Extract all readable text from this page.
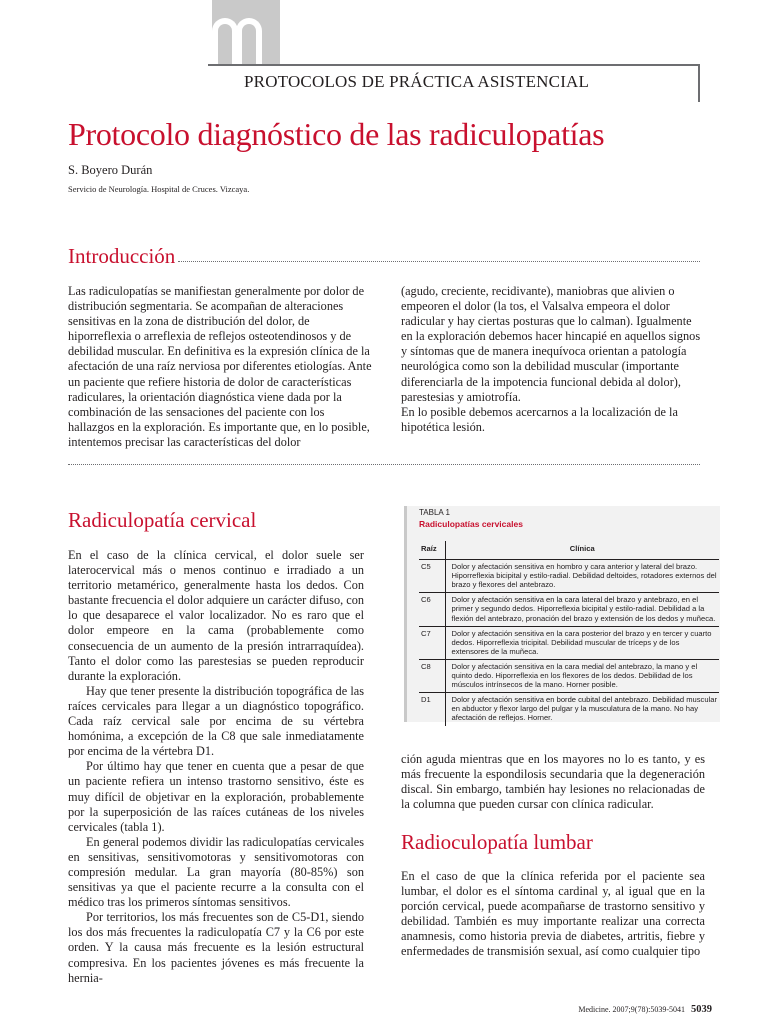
PROTOCOLOS DE PRÁCTICA ASISTENCIAL
Protocolo diagnóstico de las radiculopatías
S. Boyero Durán
Servicio de Neurología. Hospital de Cruces. Vizcaya.
Introducción

Las radiculopatías se manifiestan generalmente por dolor de distribución segmentaria. Se acompañan de alteraciones sensitivas en la zona de distribución del dolor, de hiporreflexia o arreflexia de reflejos osteotendinosos y de debilidad muscular. En definitiva es la expresión clínica de la afectación de una raíz nerviosa por diferentes etiologías. Ante un paciente que refiere historia de dolor de características radiculares, la orientación diagnóstica viene dada por la combinación de las sensaciones del paciente con los hallazgos en la exploración. Es importante que, en lo posible, intentemos precisar las características del dolor

(agudo, creciente, recidivante), maniobras que alivien o empeoren el dolor (la tos, el Valsalva empeora el dolor radicular y hay ciertas posturas que lo calman). Igualmente en la exploración debemos hacer hincapié en aquellos signos y síntomas que de manera inequívoca orientan a patología neurológica como son la debilidad muscular (importante diferenciarla de la impotencia funcional debida al dolor), parestesias y amiotrofía.

En lo posible debemos acercarnos a la localización de la hipotética lesión.

Radiculopatía cervical

En el caso de la clínica cervical, el dolor suele ser laterocervical más o menos continuo e irradiado a un territorio metamérico, generalmente hasta los dedos. Con bastante frecuencia el dolor adquiere un carácter difuso, con lo que desaparece el valor localizador. No es raro que el dolor empeore en la cama (probablemente como consecuencia de un aumento de la presión intrarraquídea). Tanto el dolor como las parestesias se pueden reproducir durante la exploración.

Hay que tener presente la distribución topográfica de las raíces cervicales para llegar a un diagnóstico topográfico. Cada raíz cervical sale por encima de su vértebra homónima, a excepción de la C8 que sale inmediatamente por encima de la vértebra D1.

Por último hay que tener en cuenta que a pesar de que un paciente refiera un intenso trastorno sensitivo, éste es muy difícil de objetivar en la exploración, probablemente por la superposición de las raíces cutáneas de los niveles cervicales (tabla 1).

En general podemos dividir las radiculopatías cervicales en sensitivas, sensitivomotoras y sensitivomotoras con compresión medular. La gran mayoría (80-85%) son sensitivas ya que el paciente recurre a la consulta con el médico tras los primeros síntomas sensitivos.

Por territorios, los más frecuentes son de C5-D1, siendo los dos más frecuentes la radiculopatía C7 y la C6 por este orden. Y la causa más frecuente es la lesión estructural compresiva. En los pacientes jóvenes es más frecuente la hernia-

TABLA 1
Radiculopatías cervicales
Raíz	Clínica
C5	Dolor y afectación sensitiva en hombro y cara anterior y lateral del brazo. Hiporreflexia bicipital y estilo-radial. Debilidad deltoides, rotadores externos del brazo y flexores del antebrazo.
C6	Dolor y afectación sensitiva en la cara lateral del brazo y antebrazo, en el primer y segundo dedos. Hiporreflexia bicipital y estilo-radial. Debilidad a la flexión del antebrazo, pronación del brazo y extensión de los dedos y muñeca.
C7	Dolor y afectación sensitiva en la cara posterior del brazo y en tercer y cuarto dedos. Hiporreflexia tricipital. Debilidad muscular de tríceps y de los extensores de la muñeca.
C8	Dolor y afectación sensitiva en la cara medial del antebrazo, la mano y el quinto dedo. Hiporreflexia en los flexores de los dedos. Debilidad de los músculos intrínsecos de la mano. Horner posible.
D1	Dolor y afectación sensitiva en borde cubital del antebrazo. Debilidad muscular en abductor y flexor largo del pulgar y la musculatura de la mano. No hay afectación de reflejos. Horner.

ción aguda mientras que en los mayores no lo es tanto, y es más frecuente la espondilosis secundaria que la degeneración discal. Sin embargo, también hay lesiones no relacionadas de la columna que pueden cursar con clínica radicular.

Radioculopatía lumbar

En el caso de que la clínica referida por el paciente sea lumbar, el dolor es el síntoma cardinal y, al igual que en la porción cervical, puede acompañarse de trastorno sensitivo y debilidad. También es muy importante realizar una correcta anamnesis, como historia previa de diabetes, artritis, fiebre y enfermedades de transmisión sexual, así como cualquier tipo

Medicine. 2007;9(78):5039-5041 5039
